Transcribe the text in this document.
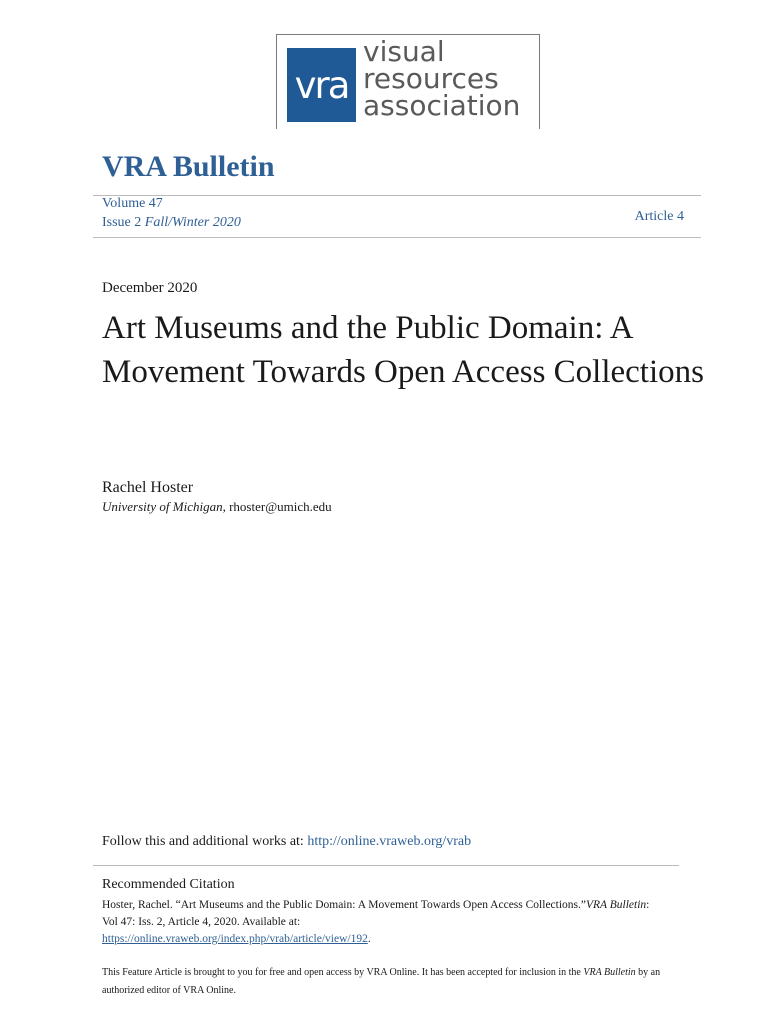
vra
visual
resources
association
VRA Bulletin
Volume 47
Issue 2 Fall/Winter 2020	Article 4
December 2020
Art Museums and the Public Domain: A Movement Towards Open Access Collections
Rachel Hoster
University of Michigan, rhoster@umich.edu
Follow this and additional works at: http://online.vraweb.org/vrab
Recommended Citation
Hoster, Rachel. “Art Museums and the Public Domain: A Movement Towards Open Access Collections.”VRA Bulletin: Vol 47: Iss. 2, Article 4, 2020. Available at:
https://online.vraweb.org/index.php/vrab/article/view/192.
This Feature Article is brought to you for free and open access by VRA Online. It has been accepted for inclusion in the VRA Bulletin by an authorized editor of VRA Online.
